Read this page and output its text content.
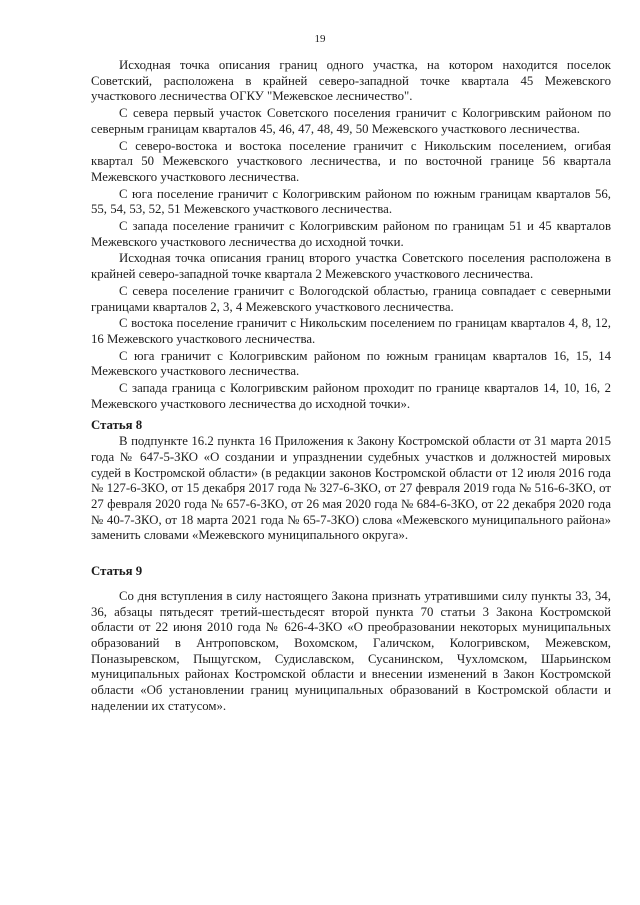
19

Исходная точка описания границ одного участка, на котором находится поселок Советский, расположена в крайней северо-западной точке квартала 45 Межевского участкового лесничества ОГКУ "Межевское лесничество".

С севера первый участок Советского поселения граничит с Кологривским районом по северным границам кварталов 45, 46, 47, 48, 49, 50 Межевского участкового лесничества.

С северо-востока и востока поселение граничит с Никольским поселением, огибая квартал 50 Межевского участкового лесничества, и по восточной границе 56 квартала Межевского участкового лесничества.

С юга поселение граничит с Кологривским районом по южным границам кварталов 56, 55, 54, 53, 52, 51 Межевского участкового лесничества.

С запада поселение граничит с Кологривским районом по границам 51 и 45 кварталов Межевского участкового лесничества до исходной точки.

Исходная точка описания границ второго участка Советского поселения расположена в крайней северо-западной точке квартала 2 Межевского участкового лесничества.

С севера поселение граничит с Вологодской областью, граница совпадает с северными границами кварталов 2, 3, 4 Межевского участкового лесничества.

С востока поселение граничит с Никольским поселением по границам кварталов 4, 8, 12, 16 Межевского участкового лесничества.

С юга граничит с Кологривским районом по южным границам кварталов 16, 15, 14 Межевского участкового лесничества.

С запада граница с Кологривским районом проходит по границе кварталов 14, 10, 16, 2 Межевского участкового лесничества до исходной точки».

Статья 8

В подпункте 16.2 пункта 16 Приложения к Закону Костромской области от 31 марта 2015 года № 647-5-ЗКО «О создании и упразднении судебных участков и должностей мировых судей в Костромской области» (в редакции законов Костромской области от 12 июля 2016 года № 127-6-ЗКО, от 15 декабря 2017 года № 327-6-ЗКО, от 27 февраля 2019 года № 516-6-ЗКО, от 27 февраля 2020 года № 657-6-ЗКО, от 26 мая 2020 года № 684-6-ЗКО, от 22 декабря 2020 года № 40-7-ЗКО, от 18 марта 2021 года № 65-7-ЗКО) слова «Межевского муниципального района» заменить словами «Межевского муниципального округа».

Статья 9

Со дня вступления в силу настоящего Закона признать утратившими силу пункты 33, 34, 36, абзацы пятьдесят третий-шестьдесят второй пункта 70 статьи 3 Закона Костромской области от 22 июня 2010 года № 626-4-ЗКО «О преобразовании некоторых муниципальных образований в Антроповском, Вохомском, Галичском, Кологривском, Межевском, Поназыревском, Пыщугском, Судиславском, Сусанинском, Чухломском, Шарьинском муниципальных районах Костромской области и внесении изменений в Закон Костромской области «Об установлении границ муниципальных образований в Костромской области и наделении их статусом».
